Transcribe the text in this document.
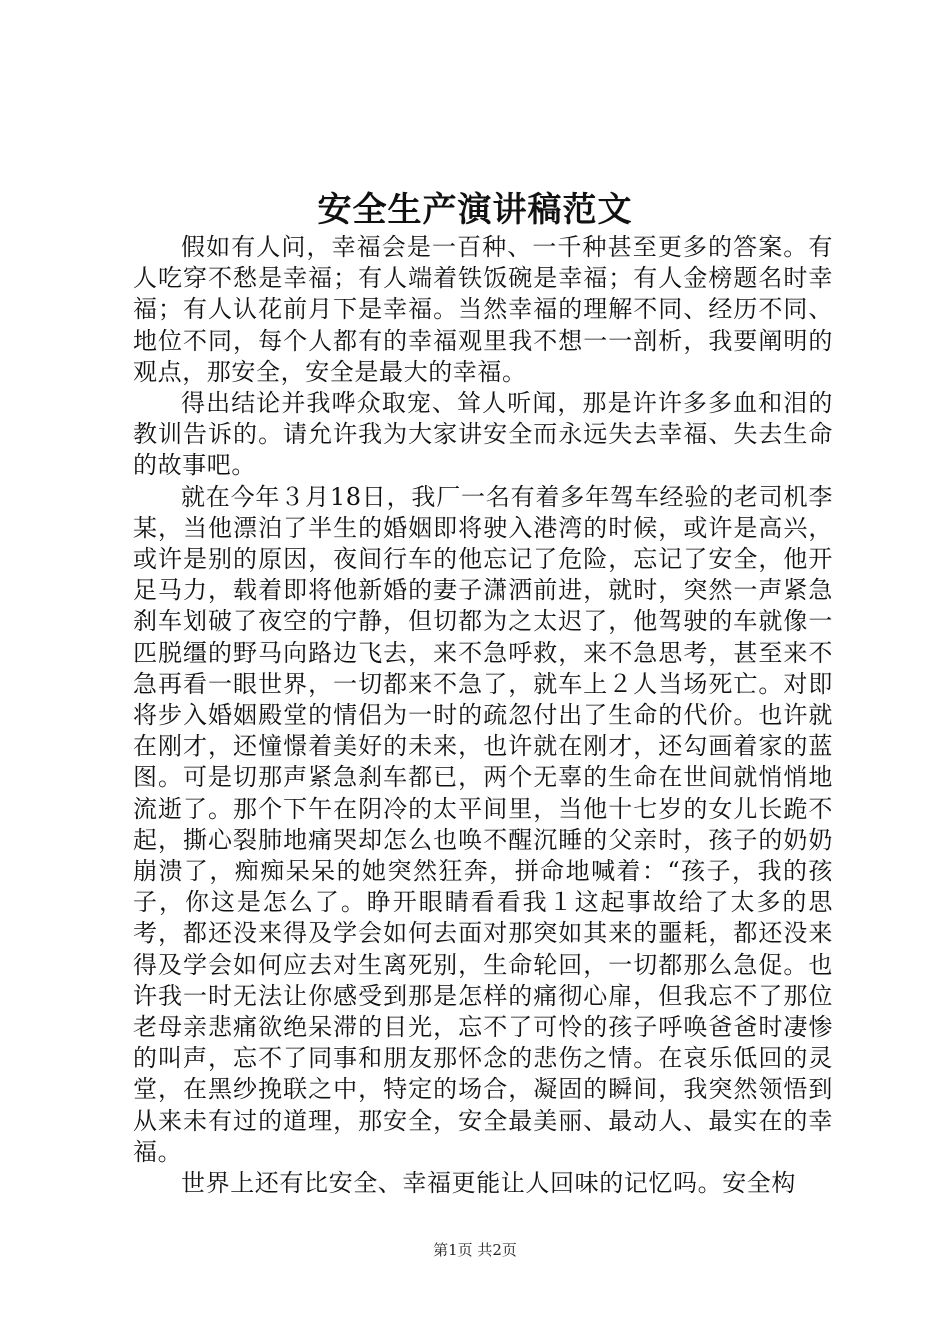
安全生产演讲稿范文

假如有人问，幸福会是一百种、一千种甚至更多的答案。有人吃穿不愁是幸福；有人端着铁饭碗是幸福；有人金榜题名时幸福；有人认花前月下是幸福。当然幸福的理解不同、经历不同、地位不同，每个人都有的幸福观里我不想一一剖析，我要阐明的观点，那安全，安全是最大的幸福。

得出结论并我哗众取宠、耸人听闻，那是许许多多血和泪的教训告诉的。请允许我为大家讲安全而永远失去幸福、失去生命的故事吧。

就在今年３月18日，我厂一名有着多年驾车经验的老司机李某，当他漂泊了半生的婚姻即将驶入港湾的时候，或许是高兴，或许是别的原因，夜间行车的他忘记了危险，忘记了安全，他开足马力，载着即将他新婚的妻子潇洒前进，就时，突然一声紧急刹车划破了夜空的宁静，但切都为之太迟了，他驾驶的车就像一匹脱缰的野马向路边飞去，来不急呼救，来不急思考，甚至来不急再看一眼世界，一切都来不急了，就车上２人当场死亡。对即将步入婚姻殿堂的情侣为一时的疏忽付出了生命的代价。也许就在刚才，还憧憬着美好的未来，也许就在刚才，还勾画着家的蓝图。可是切那声紧急刹车都已，两个无辜的生命在世间就悄悄地流逝了。那个下午在阴冷的太平间里，当他十七岁的女儿长跪不起，撕心裂肺地痛哭却怎么也唤不醒沉睡的父亲时，孩子的奶奶崩溃了，痴痴呆呆的她突然狂奔，拼命地喊着：“孩子，我的孩子，你这是怎么了。睁开眼睛看看我１这起事故给了太多的思考，都还没来得及学会如何去面对那突如其来的噩耗，都还没来得及学会如何应去对生离死别，生命轮回，一切都那么急促。也许我一时无法让你感受到那是怎样的痛彻心扉，但我忘不了那位老母亲悲痛欲绝呆滞的目光，忘不了可怜的孩子呼唤爸爸时凄惨的叫声，忘不了同事和朋友那怀念的悲伤之情。在哀乐低回的灵堂，在黑纱挽联之中，特定的场合，凝固的瞬间，我突然领悟到从来未有过的道理，那安全，安全最美丽、最动人、最实在的幸福。

世界上还有比安全、幸福更能让人回味的记忆吗。安全构

第1页 共2页
